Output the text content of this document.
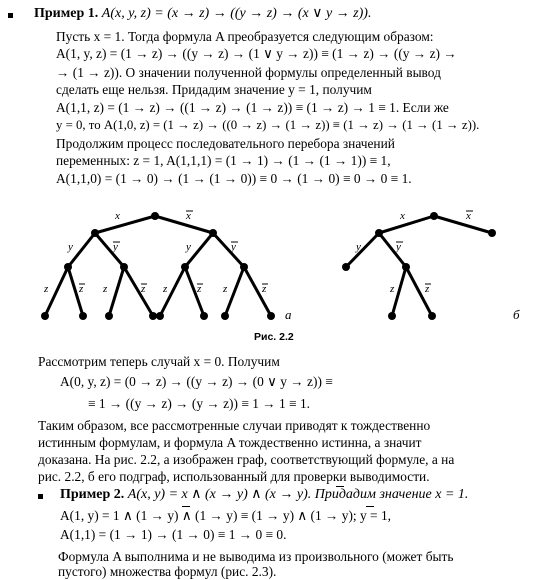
Пример 1. A(x, y, z) = (x → z) → ((y → z) → (x ∨ y → z)).
Пусть x = 1. Тогда формула A преобразуется следующим образом:
A(1, y, z) = (1 → z) → ((y → z) → (1 ∨ y → z)) ≡ (1 → z) → ((y → z) →
→ (1 → z)). О значении полученной формулы определенный вывод
сделать еще нельзя. Придадим значение y = 1, получим
A(1,1, z) = (1 → z) → ((1 → z) → (1 → z)) ≡ (1 → z) → 1 ≡ 1. Если же
y = 0, то A(1,0, z) = (1 → z) → ((0 → z) → (1 → z)) ≡ (1 → z) → (1 → (1 → z)).
Продолжим процесс последовательного перебора значений
переменных: z = 1, A(1,1,1) = (1 → 1) → (1 → (1 → 1)) ≡ 1,
A(1,1,0) = (1 → 0) → (1 → (1 → 0)) ≡ 0 → (1 → 0) ≡ 0 → 0 ≡ 1.
x	x
y	y	y	y
z	z z	z z	z z	z
x	x
y	y
z	z
а	б
Рис. 2.2
Рассмотрим теперь случай x = 0. Получим
A(0, y, z) = (0 → z) → ((y → z) → (0 ∨ y → z)) ≡
≡ 1 → ((y → z) → (y → z)) ≡ 1 → 1 ≡ 1.
Таким образом, все рассмотренные случаи приводят к тождественно
истинным формулам, и формула A тождественно истинна, а значит
доказана. На рис. 2.2, а изображен граф, соответствующий формуле, а на
рис. 2.2, б его подграф, использованный для проверки выводимости.
Пример 2. A(x, y) = x ∧ (x → y) ∧ (x → y). Придадим значение x = 1.
A(1, y) = 1 ∧ (1 → y) ∧ (1 → y) ≡ (1 → y) ∧ (1 → y); y = 1,
A(1,1) = (1 → 1) → (1 → 0) ≡ 1 → 0 ≡ 0.
Формула A выполнима и не выводима из произвольного (может быть
пустого) множества формул (рис. 2.3).
